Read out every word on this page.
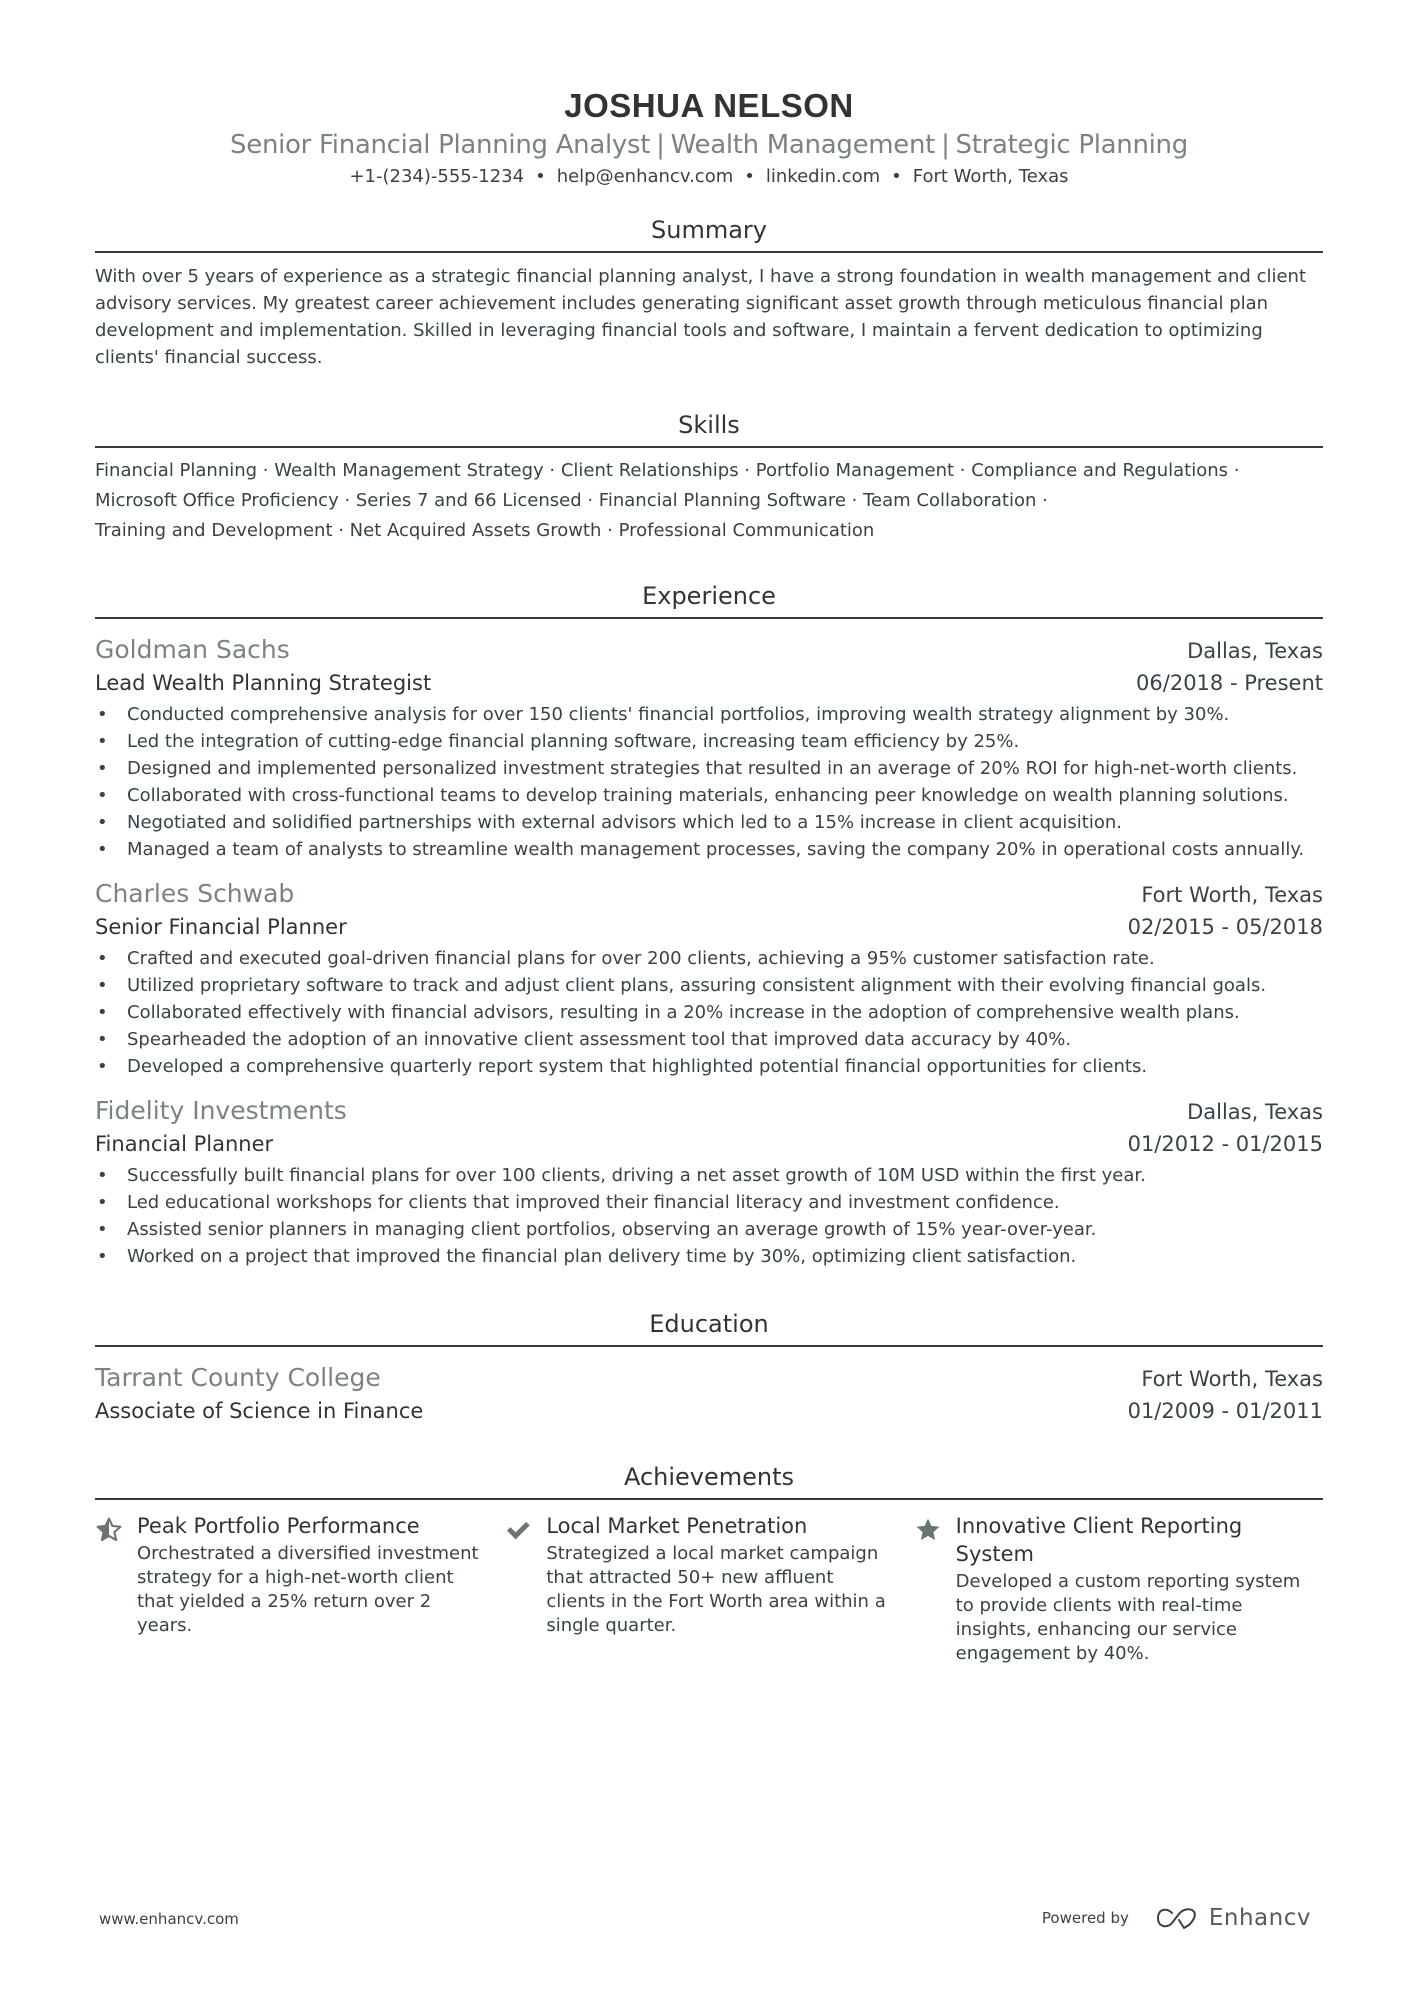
JOSHUA NELSON
Senior Financial Planning Analyst | Wealth Management | Strategic Planning
+1-(234)-555-1234 • help@enhancv.com • linkedin.com • Fort Worth, Texas
Summary

With over 5 years of experience as a strategic financial planning analyst, I have a strong foundation in wealth management and client advisory services. My greatest career achievement includes generating significant asset growth through meticulous financial plan development and implementation. Skilled in leveraging financial tools and software, I maintain a fervent dedication to optimizing clients' financial success.

Skills
Financial Planning · Wealth Management Strategy · Client Relationships · Portfolio Management · Compliance and Regulations ·
Microsoft Office Proficiency · Series 7 and 66 Licensed · Financial Planning Software · Team Collaboration ·
Training and Development · Net Acquired Assets Growth · Professional Communication
Experience
Goldman Sachs	Dallas, Texas
Lead Wealth Planning Strategist	06/2018 - Present
• Conducted comprehensive analysis for over 150 clients' financial portfolios, improving wealth strategy alignment by 30%.
• Led the integration of cutting-edge financial planning software, increasing team efficiency by 25%.
• Designed and implemented personalized investment strategies that resulted in an average of 20% ROI for high-net-worth clients.
• Collaborated with cross-functional teams to develop training materials, enhancing peer knowledge on wealth planning solutions.
• Negotiated and solidified partnerships with external advisors which led to a 15% increase in client acquisition.
• Managed a team of analysts to streamline wealth management processes, saving the company 20% in operational costs annually.
Charles Schwab	Fort Worth, Texas
Senior Financial Planner	02/2015 - 05/2018
• Crafted and executed goal-driven financial plans for over 200 clients, achieving a 95% customer satisfaction rate.
• Utilized proprietary software to track and adjust client plans, assuring consistent alignment with their evolving financial goals.
• Collaborated effectively with financial advisors, resulting in a 20% increase in the adoption of comprehensive wealth plans.
• Spearheaded the adoption of an innovative client assessment tool that improved data accuracy by 40%.
• Developed a comprehensive quarterly report system that highlighted potential financial opportunities for clients.
Fidelity Investments	Dallas, Texas
Financial Planner	01/2012 - 01/2015
• Successfully built financial plans for over 100 clients, driving a net asset growth of 10M USD within the first year.
• Led educational workshops for clients that improved their financial literacy and investment confidence.
• Assisted senior planners in managing client portfolios, observing an average growth of 15% year-over-year.
• Worked on a project that improved the financial plan delivery time by 30%, optimizing client satisfaction.
Education
Tarrant County College	Fort Worth, Texas
Associate of Science in Finance	01/2009 - 01/2011
Achievements
Peak Portfolio Performance
Orchestrated a diversified investment strategy for a high-net-worth client that yielded a 25% return over 2 years.
Local Market Penetration
Strategized a local market campaign that attracted 50+ new affluent clients in the Fort Worth area within a single quarter.
Innovative Client Reporting System
Developed a custom reporting system to provide clients with real-time insights, enhancing our service engagement by 40%.
www.enhancv.com	Powered by	Enhancv
